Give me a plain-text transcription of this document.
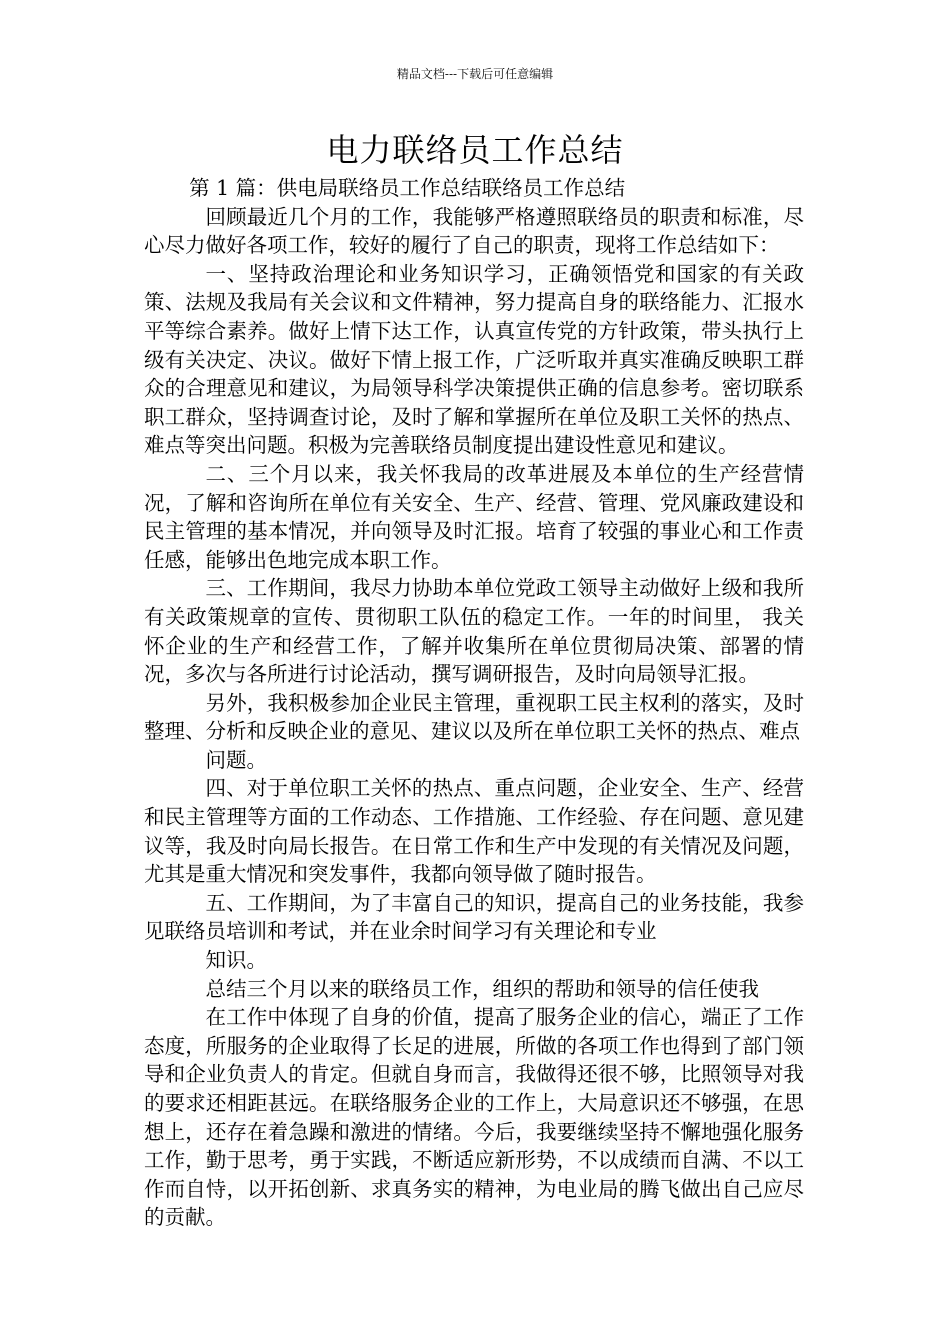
精品文档---下载后可任意编辑
电力联络员工作总结

第 1 篇：供电局联络员工作总结联络员工作总结

回顾最近几个月的工作，我能够严格遵照联络员的职责和标准，尽心尽力做好各项工作，较好的履行了自己的职责，现将工作总结如下：

一、坚持政治理论和业务知识学习，正确领悟党和国家的有关政策、法规及我局有关会议和文件精神，努力提高自身的联络能力、汇报水平等综合素养。做好上情下达工作，认真宣传党的方针政策，带头执行上级有关决定、决议。做好下情上报工作，广泛听取并真实准确反映职工群众的合理意见和建议，为局领导科学决策提供正确的信息参考。密切联系职工群众，坚持调查讨论，及时了解和掌握所在单位及职工关怀的热点、难点等突出问题。积极为完善联络员制度提出建设性意见和建议。

二、三个月以来，我关怀我局的改革进展及本单位的生产经营情况，了解和咨询所在单位有关安全、生产、经营、管理、党风廉政建设和民主管理的基本情况，并向领导及时汇报。培育了较强的事业心和工作责任感，能够出色地完成本职工作。

三、工作期间，我尽力协助本单位党政工领导主动做好上级和我所有关政策规章的宣传、贯彻职工队伍的稳定工作。一年的时间里， 我关怀企业的生产和经营工作，了解并收集所在单位贯彻局决策、部署的情况，多次与各所进行讨论活动，撰写调研报告，及时向局领导汇报。

另外，我积极参加企业民主管理，重视职工民主权利的落实，及时整理、分析和反映企业的意见、建议以及所在单位职工关怀的热点、难点

问题。

四、对于单位职工关怀的热点、重点问题，企业安全、生产、经营和民主管理等方面的工作动态、工作措施、工作经验、存在问题、意见建议等，我及时向局长报告。在日常工作和生产中发现的有关情况及问题，尤其是重大情况和突发事件，我都向领导做了随时报告。

五、工作期间，为了丰富自己的知识，提高自己的业务技能，我参见联络员培训和考试，并在业余时间学习有关理论和专业

知识。

总结三个月以来的联络员工作，组织的帮助和领导的信任使我

在工作中体现了自身的价值，提高了服务企业的信心，端正了工作态度，所服务的企业取得了长足的进展，所做的各项工作也得到了部门领导和企业负责人的肯定。但就自身而言，我做得还很不够，比照领导对我的要求还相距甚远。在联络服务企业的工作上，大局意识还不够强，在思想上，还存在着急躁和激进的情绪。今后，我要继续坚持不懈地强化服务工作，勤于思考，勇于实践，不断适应新形势，不以成绩而自满、不以工作而自恃，以开拓创新、求真务实的精神，为电业局的腾飞做出自己应尽的贡献。
